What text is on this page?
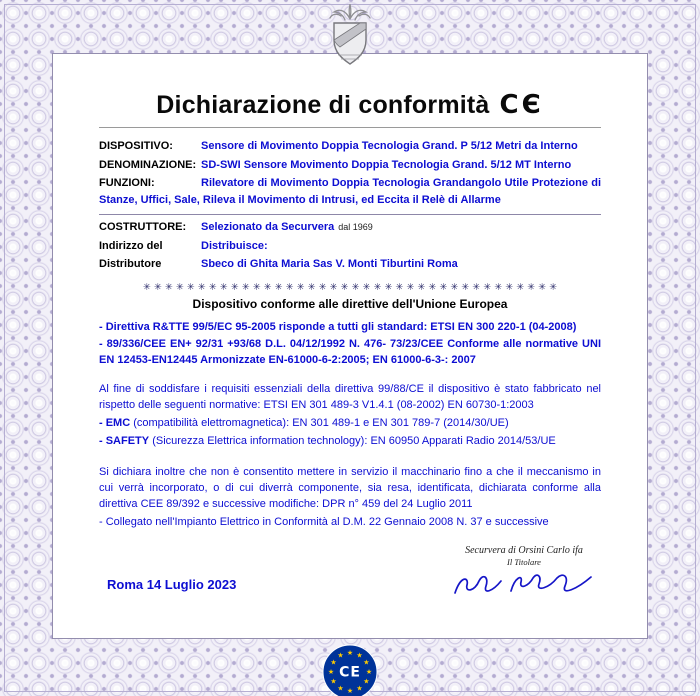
Dichiarazione di conformità CЄ

DISPOSITIVO:	Sensore di Movimento Doppia Tecnologia Grand. P 5/12 Metri da Interno

DENOMINAZIONE: SD-SWI Sensore Movimento Doppia Tecnologia Grand. 5/12 MT Interno

FUNZIONI:	Rilevatore di Movimento Doppia Tecnologia Grandangolo Utile Protezione di Stanze, Uffici, Sale, Rileva il Movimento di Intrusi, ed Eccita il Relè di Allarme

COSTRUTTORE: Selezionato da Securvera dal 1969

Indirizzo del	Distribuisce:

Distributore	Sbeco di Ghita Maria Sas V. Monti Tiburtini Roma

✳ ✳ ✳ ✳ ✳ ✳ ✳ ✳ ✳ ✳ ✳ ✳ ✳ ✳ ✳ ✳ ✳ ✳ ✳ ✳ ✳ ✳ ✳ ✳ ✳ ✳ ✳ ✳ ✳ ✳ ✳ ✳ ✳ ✳ ✳ ✳ ✳ ✳
Dispositivo conforme alle direttive dell'Unione Europea

- Direttiva R&TTE 99/5/EC 95-2005 risponde a tutti gli standard: ETSI EN 300 220-1 (04-2008)

- 89/336/CEE EN+ 92/31 +93/68 D.L. 04/12/1992 N. 476- 73/23/CEE Conforme alle normative UNI EN 12453-EN12445 Armonizzate EN-61000-6-2:2005; EN 61000-6-3-: 2007

Al fine di soddisfare i requisiti essenziali della direttiva 99/88/CE il dispositivo è stato fabbricato nel rispetto delle seguenti normative: ETSI EN 301 489-3 V1.4.1 (08-2002) EN 60730-1:2003

- EMC (compatibilità elettromagnetica): EN 301 489-1 e EN 301 789-7 (2014/30/UE)

- SAFETY (Sicurezza Elettrica information technology): EN 60950 Apparati Radio 2014/53/UE

Si dichiara inoltre che non è consentito mettere in servizio il macchinario fino a che il meccanismo in cui verrà incorporato, o di cui diverrà componente, sia resa, identificata, dichiarata conforme alla direttiva CEE 89/392 e successive modifiche: DPR n° 459 del 24 Luglio 2011

- Collegato nell'Impianto Elettrico in Conformità al D.M. 22 Gennaio 2008 N. 37 e successive

Securvera di Orsini Carlo ifa
Il Titolare
Roma 14 Luglio 2023
★ ★
★
★
★
★
★
★
★
★
★
★
CE
